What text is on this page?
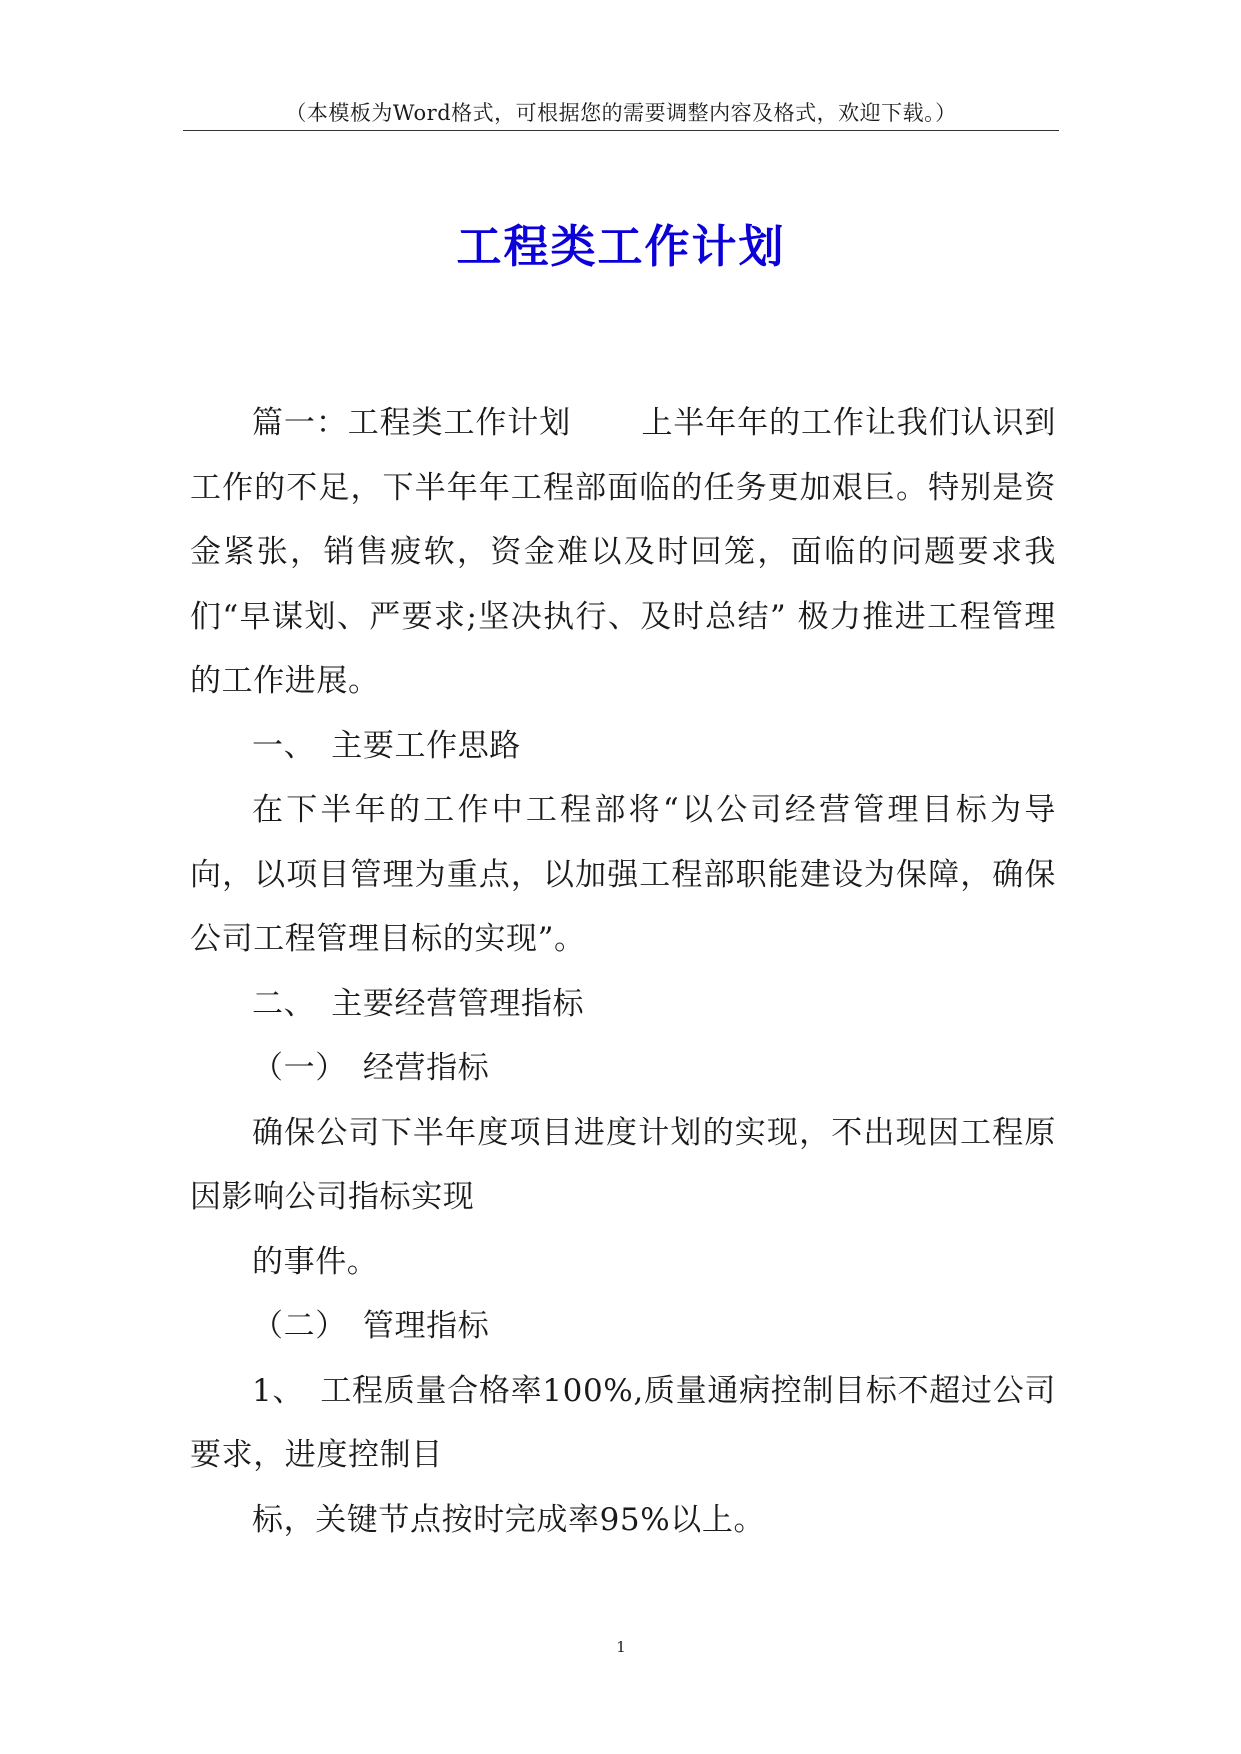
（本模板为Word格式，可根据您的需要调整内容及格式，欢迎下载。）
工程类工作计划

篇一：工程类工作计划 上半年年的工作让我们认识到工作的不足，下半年年工程部面临的任务更加艰巨。特别是资金紧张，销售疲软，资金难以及时回笼，面临的问题要求我们“早谋划、严要求;坚决执行、及时总结” 极力推进工程管理的工作进展。

一、　主要工作思路

在下半年的工作中工程部将“以公司经营管理目标为导向，以项目管理为重点，以加强工程部职能建设为保障，确保公司工程管理目标的实现”。

二、　主要经营管理指标

（一）　经营指标

确保公司下半年度项目进度计划的实现，不出现因工程原因影响公司指标实现

的事件。

（二）　管理指标

1、　工程质量合格率100%,质量通病控制目标不超过公司要求，进度控制目

标，关键节点按时完成率95%以上。

1
